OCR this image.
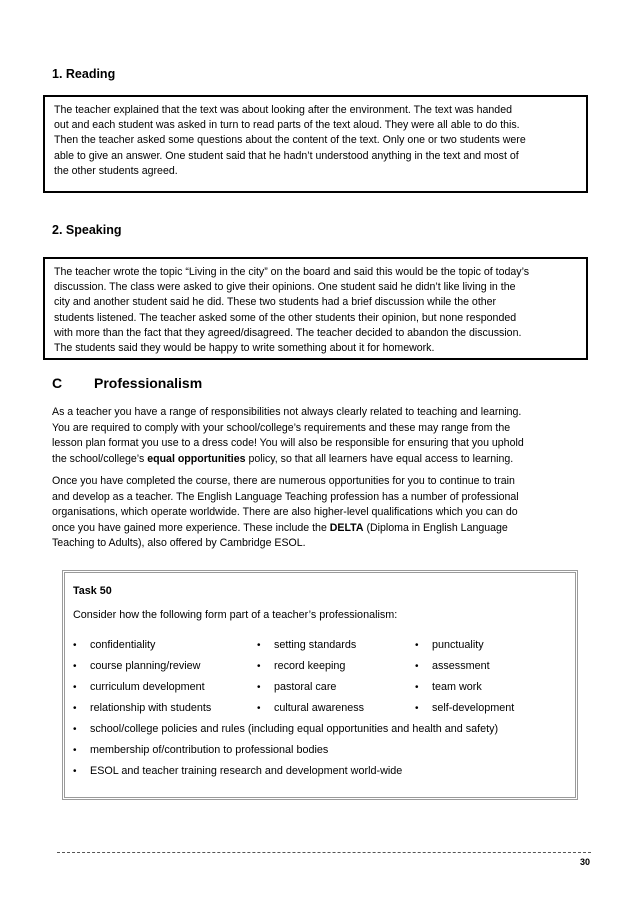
1. Reading
The teacher explained that the text was about looking after the environment. The text was handed
out and each student was asked in turn to read parts of the text aloud. They were all able to do this.
Then the teacher asked some questions about the content of the text. Only one or two students were
able to give an answer. One student said that he hadn’t understood anything in the text and most of
the other students agreed.
2. Speaking
The teacher wrote the topic “Living in the city” on the board and said this would be the topic of today’s
discussion. The class were asked to give their opinions. One student said he didn’t like living in the
city and another student said he did. These two students had a brief discussion while the other
students listened. The teacher asked some of the other students their opinion, but none responded
with more than the fact that they agreed/disagreed. The teacher decided to abandon the discussion.
The students said they would be happy to write something about it for homework.
C Professionalism
As a teacher you have a range of responsibilities not always clearly related to teaching and learning.
You are required to comply with your school/college’s requirements and these may range from the
lesson plan format you use to a dress code! You will also be responsible for ensuring that you uphold
the school/college’s equal opportunities policy, so that all learners have equal access to learning.
Once you have completed the course, there are numerous opportunities for you to continue to train
and develop as a teacher. The English Language Teaching profession has a number of professional
organisations, which operate worldwide. There are also higher-level qualifications which you can do
once you have gained more experience. These include the DELTA (Diploma in English Language
Teaching to Adults), also offered by Cambridge ESOL.
Task 50
Consider how the following form part of a teacher’s professionalism:
• confidentiality
• course planning/review
• curriculum development
• relationship with students
• setting standards
• record keeping
• pastoral care
• cultural awareness
• punctuality
• assessment
• team work
• self-development
• school/college policies and rules (including equal opportunities and health and safety)
• membership of/contribution to professional bodies
• ESOL and teacher training research and development world-wide
30
